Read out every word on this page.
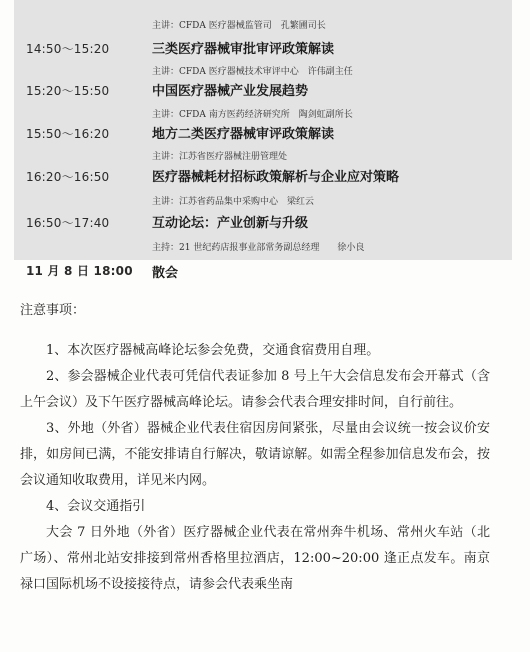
主讲：CFDA 医疗器械监管司　孔繁圃司长
14:50～15:20	三类医疗器械审批审评政策解读
主讲：CFDA 医疗器械技术审评中心　许伟副主任
15:20～15:50	中国医疗器械产业发展趋势
主讲：CFDA 南方医药经济研究所　陶剑虹副所长
15:50～16:20	地方二类医疗器械审评政策解读
主讲：江苏省医疗器械注册管理处
16:20～16:50	医疗器械耗材招标政策解析与企业应对策略
主讲：江苏省药品集中采购中心　梁红云
16:50～17:40	互动论坛：产业创新与升级
主持：21 世纪药店报事业部常务副总经理　　徐小良
11 月 8 日 18:00 散会

注意事项：

1、本次医疗器械高峰论坛参会免费，交通食宿费用自理。

2、参会器械企业代表可凭信代表证参加 8 号上午大会信息发布会开幕式（含上午会议）及下午医疗器械高峰论坛。请参会代表合理安排时间，自行前往。

3、外地（外省）器械企业代表住宿因房间紧张，尽量由会议统一按会议价安排，如房间已满，不能安排请自行解决，敬请谅解。如需全程参加信息发布会，按会议通知收取费用，详见米内网。

4、会议交通指引

大会 7 日外地（外省）医疗器械企业代表在常州奔牛机场、常州火车站（北广场）、常州北站安排接到常州香格里拉酒店，12:00~20:00 逢正点发车。南京禄口国际机场不设接接待点，请参会代表乘坐南
